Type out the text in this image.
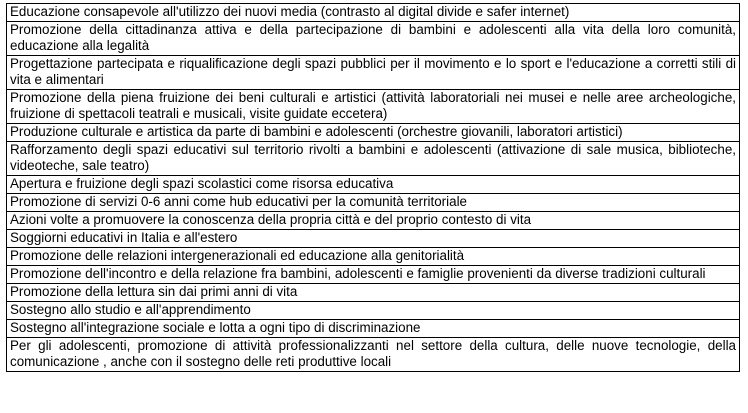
Educazione consapevole all'utilizzo dei nuovi media (contrasto al digital divide e safer internet)
Promozione della cittadinanza attiva e della partecipazione di bambini e adolescenti alla vita della loro comunità, educazione alla legalità
Progettazione partecipata e riqualificazione degli spazi pubblici per il movimento e lo sport e l'educazione a corretti stili di vita e alimentari
Promozione della piena fruizione dei beni culturali e artistici (attività laboratoriali nei musei e nelle aree archeologiche, fruizione di spettacoli teatrali e musicali, visite guidate eccetera)
Produzione culturale e artistica da parte di bambini e adolescenti (orchestre giovanili, laboratori artistici)
Rafforzamento degli spazi educativi sul territorio rivolti a bambini e adolescenti (attivazione di sale musica, biblioteche, videoteche, sale teatro)
Apertura e fruizione degli spazi scolastici come risorsa educativa
Promozione di servizi 0-6 anni come hub educativi per la comunità territoriale
Azioni volte a promuovere la conoscenza della propria città e del proprio contesto di vita
Soggiorni educativi in Italia e all'estero
Promozione delle relazioni intergenerazionali ed educazione alla genitorialità
Promozione dell'incontro e della relazione fra bambini, adolescenti e famiglie provenienti da diverse tradizioni culturali
Promozione della lettura sin dai primi anni di vita
Sostegno allo studio e all'apprendimento
Sostegno all'integrazione sociale e lotta a ogni tipo di discriminazione
Per gli adolescenti, promozione di attività professionalizzanti nel settore della cultura, delle nuove tecnologie, della comunicazione , anche con il sostegno delle reti produttive locali
